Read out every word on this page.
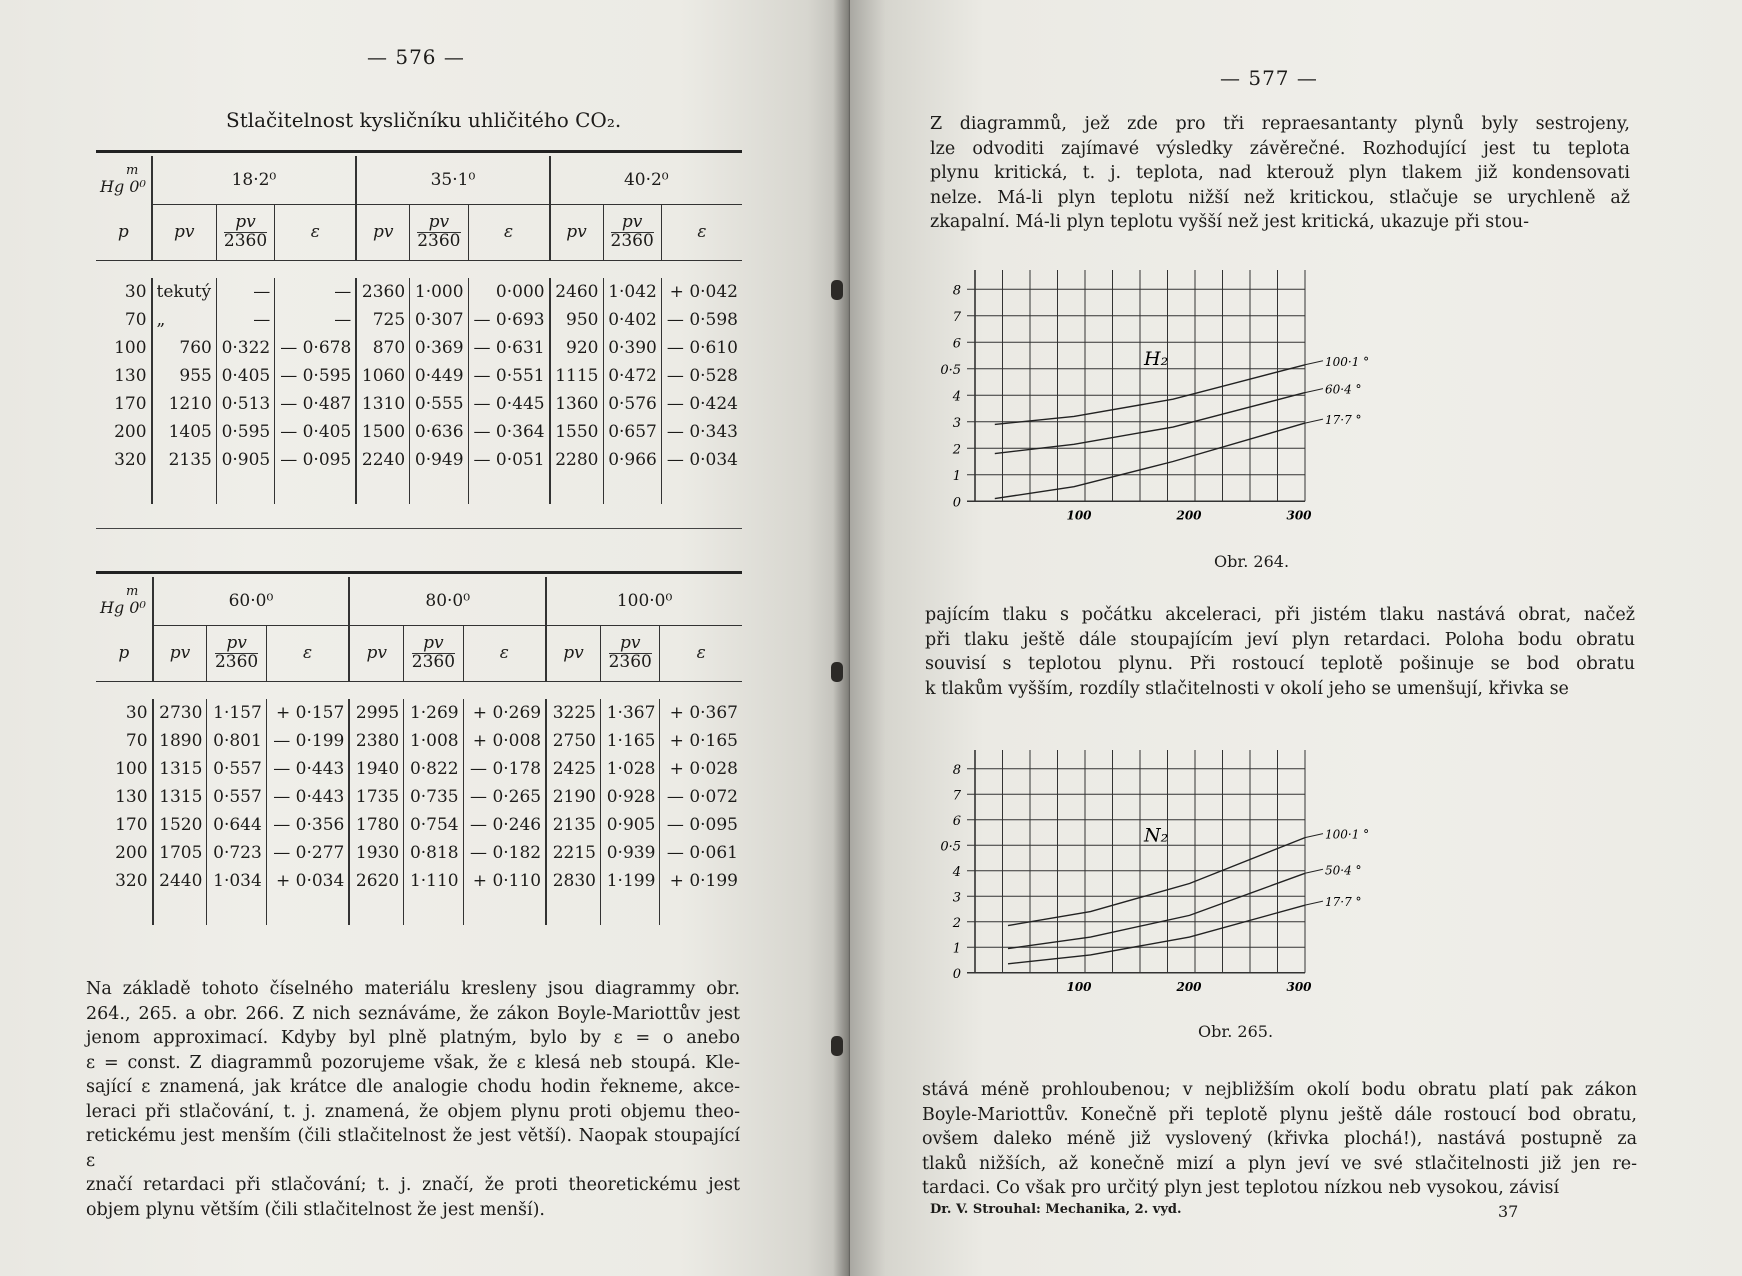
— 576 —
Stlačitelnost kysličníku uhličitého CO₂.
m
Hg 0⁰	18·2⁰			35·1⁰			40·2⁰		
p	pv	$\frac{pv}{2360}$	ε	pv	$\frac{pv}{2360}$	ε	pv	$\frac{pv}{2360}$	ε

30	tekutý	—	—	2360	1·000	0·000	2460	1·042	+ 0·042
70	„	—	—	725	0·307	— 0·693	950	0·402	— 0·598
100	760	0·322	— 0·678	870	0·369	— 0·631	920	0·390	— 0·610
130	955	0·405	— 0·595	1060	0·449	— 0·551	1115	0·472	— 0·528
170	1210	0·513	— 0·487	1310	0·555	— 0·445	1360	0·576	— 0·424
200	1405	0·595	— 0·405	1500	0·636	— 0·364	1550	0·657	— 0·343
320	2135	0·905	— 0·095	2240	0·949	— 0·051	2280	0·966	— 0·034

m
Hg 0⁰	60·0⁰			80·0⁰			100·0⁰		
p	pv	$\frac{pv}{2360}$	ε	pv	$\frac{pv}{2360}$	ε	pv	$\frac{pv}{2360}$	ε

30	2730	1·157	+ 0·157	2995	1·269	+ 0·269	3225	1·367	+ 0·367
70	1890	0·801	— 0·199	2380	1·008	+ 0·008	2750	1·165	+ 0·165
100	1315	0·557	— 0·443	1940	0·822	— 0·178	2425	1·028	+ 0·028
130	1315	0·557	— 0·443	1735	0·735	— 0·265	2190	0·928	— 0·072
170	1520	0·644	— 0·356	1780	0·754	— 0·246	2135	0·905	— 0·095
200	1705	0·723	— 0·277	1930	0·818	— 0·182	2215	0·939	— 0·061
320	2440	1·034	+ 0·034	2620	1·110	+ 0·110	2830	1·199	+ 0·199

Na základě tohoto číselného materiálu kresleny jsou diagrammy obr.
264., 265. a obr. 266. Z nich seznáváme, že zákon Boyle-Mariottův jest
jenom approximací. Kdyby byl plně platným, bylo by ε = o anebo
ε = const. Z diagrammů pozorujeme však, že ε klesá neb stoupá. Kle-
sající ε znamená, jak krátce dle analogie chodu hodin řekneme, akce-
leraci při stlačování, t. j. znamená, že objem plynu proti objemu theo-
retickému jest menším (čili stlačitelnost že jest větší). Naopak stoupající ε
značí retardaci při stlačování; t. j. značí, že proti theoretickému jest
objem plynu větším (čili stlačitelnost že jest menší).
— 577 —
Z diagrammů, jež zde pro tři repraesantanty plynů byly sestrojeny,
lze odvoditi zajímavé výsledky závěrečné. Rozhodující jest tu teplota
plynu kritická, t. j. teplota, nad kterouž plyn tlakem již kondensovati
nelze. Má-li plyn teplotu nižší než kritickou, stlačuje se urychleně až
zkapalní. Má-li plyn teplotu vyšší než jest kritická, ukazuje při stou-
8
7
6
0·5
4
3
2
1
0
100	200	300
H₂	100·1 °
60·4 °
17·7 °
Obr. 264.
pajícím tlaku s počátku akceleraci, při jistém tlaku nastává obrat, načež
při tlaku ještě dále stoupajícím jeví plyn retardaci. Poloha bodu obratu
souvisí s teplotou plynu. Při rostoucí teplotě pošinuje se bod obratu
k tlakům vyšším, rozdíly stlačitelnosti v okolí jeho se umenšují, křivka se
8
7
6
0·5
4
3
2
1
0
100	200	300
N₂	100·1 °
50·4 °
17·7 °
Obr. 265.
stává méně prohloubenou; v nejbližším okolí bodu obratu platí pak zákon
Boyle-Mariottův. Konečně při teplotě plynu ještě dále rostoucí bod obratu,
ovšem daleko méně již vyslovený (křivka plochá!), nastává postupně za
tlaků nižších, až konečně mizí a plyn jeví ve své stlačitelnosti již jen re-
tardaci. Co však pro určitý plyn jest teplotou nízkou neb vysokou, závisí
Dr. V. Strouhal: Mechanika, 2. vyd.	37
